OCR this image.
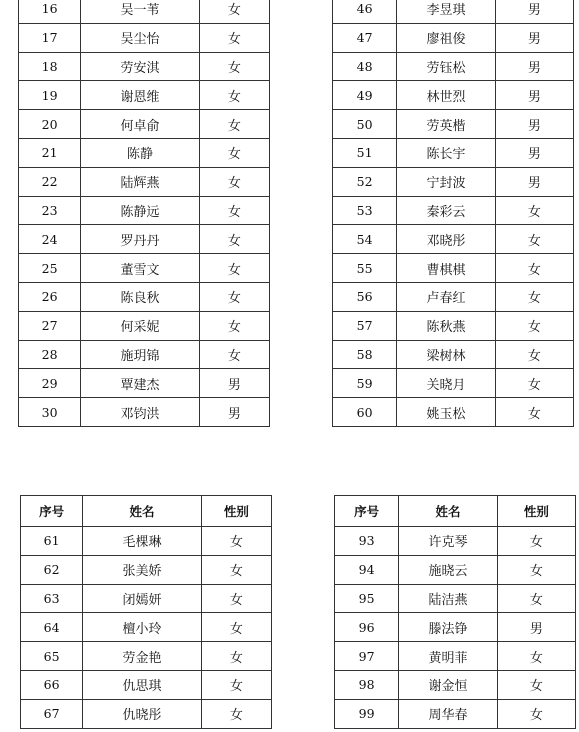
16	吴一苇	女
17	吴尘怡	女
18	劳安淇	女
19	谢恩维	女
20	何卓俞	女
21	陈静	女
22	陆辉燕	女
23	陈静远	女
24	罗丹丹	女
25	董雪文	女
26	陈良秋	女
27	何采妮	女
28	施玥锦	女
29	覃建杰	男
30	邓钧洪	男
46	李昱琪	男
47	廖祖俊	男
48	劳钰松	男
49	林世烈	男
50	劳英楷	男
51	陈长宇	男
52	宁封波	男
53	秦彩云	女
54	邓晓彤	女
55	曹棋棋	女
56	卢春红	女
57	陈秋燕	女
58	梁树林	女
59	关晓月	女
60	姚玉松	女
序号	姓名	性别
61	毛棵琳	女
62	张美娇	女
63	闭嫣妍	女
64	檀小玲	女
65	劳金艳	女
66	仇思琪	女
67	仇晓彤	女
序号	姓名	性别
93	许克琴	女
94	施晓云	女
95	陆洁燕	女
96	滕法铮	男
97	黄明菲	女
98	谢金恒	女
99	周华春	女
